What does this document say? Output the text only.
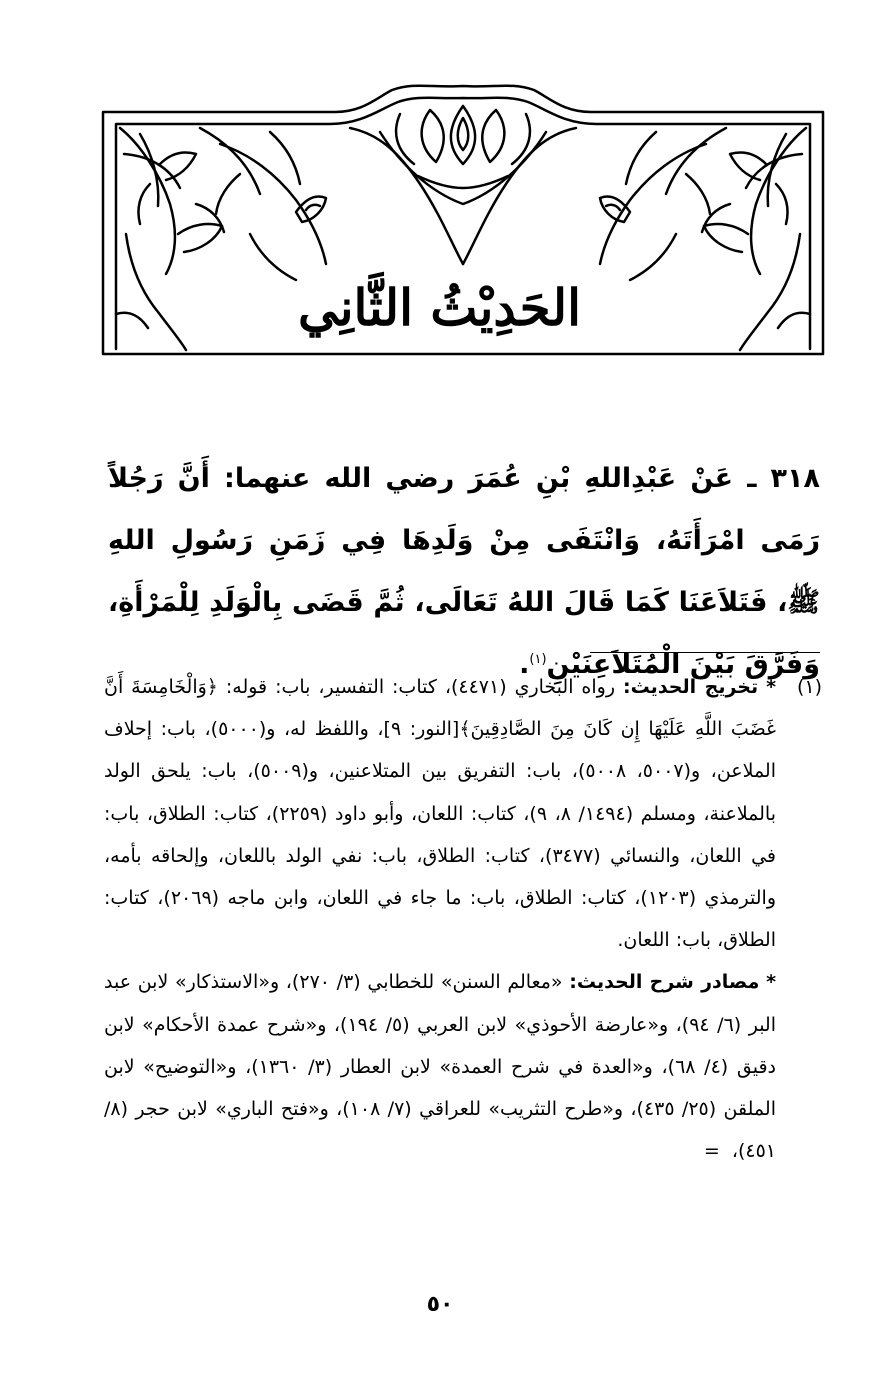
الحَدِيْثُ الثَّانِي
٣١٨ ـ عَنْ عَبْدِاللهِ بْنِ عُمَرَ رضي الله عنهما: أَنَّ رَجُلاً رَمَى امْرَأَتَهُ، وَانْتَفَى مِنْ وَلَدِهَا فِي زَمَنِ رَسُولِ اللهِ ﷺ، فَتَلاَعَنَا كَمَا قَالَ اللهُ تَعَالَى، ثُمَّ قَضَى بِالْوَلَدِ لِلْمَرْأَةِ، وَفَرَّقَ بَيْنَ الْمُتَلاَعِنَيْنِ$^{(١)}$.
(١)

* تخريج الحديث: رواه البخاري (٤٤٧١)، كتاب: التفسير، باب: قوله: ﴿وَالْخَامِسَةَ أَنَّ غَضَبَ اللَّهِ عَلَيْهَا إِن كَانَ مِنَ الصَّادِقِينَ﴾[النور: ٩]، واللفظ له، و(٥٠٠٠)، باب: إحلاف الملاعن، و(٥٠٠٧، ٥٠٠٨)، باب: التفريق بين المتلاعنين، و(٥٠٠٩)، باب: يلحق الولد بالملاعنة، ومسلم (١٤٩٤/ ٨، ٩)، كتاب: اللعان، وأبو داود (٢٢٥٩)، كتاب: الطلاق، باب: في اللعان، والنسائي (٣٤٧٧)، كتاب: الطلاق، باب: نفي الولد باللعان، وإلحاقه بأمه، والترمذي (١٢٠٣)، كتاب: الطلاق، باب: ما جاء في اللعان، وابن ماجه (٢٠٦٩)، كتاب: الطلاق، باب: اللعان.

* مصادر شرح الحديث: «معالم السنن» للخطابي (٣/ ٢٧٠)، و«الاستذكار» لابن عبد البر (٦/ ٩٤)، و«عارضة الأحوذي» لابن العربي (٥/ ١٩٤)، و«شرح عمدة الأحكام» لابن دقيق (٤/ ٦٨)، و«العدة في شرح العمدة» لابن العطار (٣/ ١٣٦٠)، و«التوضيح» لابن الملقن (٢٥/ ٤٣٥)، و«طرح التثريب» للعراقي (٧/ ١٠٨)، و«فتح الباري» لابن حجر (٨/ ٤٥١)، =

٥٠
